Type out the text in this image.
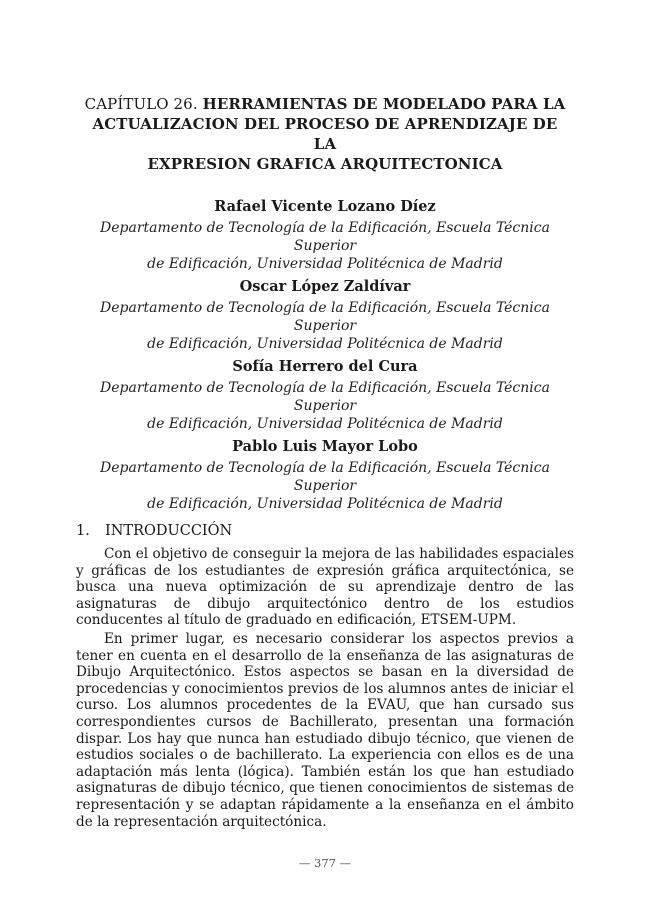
CAPÍTULO 26. HERRAMIENTAS DE MODELADO PARA LA
ACTUALIZACION DEL PROCESO DE APRENDIZAJE DE LA
EXPRESION GRAFICA ARQUITECTONICA

Rafael Vicente Lozano Díez

Departamento de Tecnología de la Edificación, Escuela Técnica Superior
de Edificación, Universidad Politécnica de Madrid

Oscar López Zaldívar

Departamento de Tecnología de la Edificación, Escuela Técnica Superior
de Edificación, Universidad Politécnica de Madrid

Sofía Herrero del Cura

Departamento de Tecnología de la Edificación, Escuela Técnica Superior
de Edificación, Universidad Politécnica de Madrid

Pablo Luis Mayor Lobo

Departamento de Tecnología de la Edificación, Escuela Técnica Superior
de Edificación, Universidad Politécnica de Madrid

1. INTRODUCCIÓN

Con el objetivo de conseguir la mejora de las habilidades espaciales y gráficas de los estudiantes de expresión gráfica arquitectónica, se busca una nueva optimización de su aprendizaje dentro de las asignaturas de dibujo arquitectónico dentro de los estudios conducentes al título de graduado en edificación, ETSEM-UPM.

En primer lugar, es necesario considerar los aspectos previos a tener en cuenta en el desarrollo de la enseñanza de las asignaturas de Dibujo Arquitectónico. Estos aspectos se basan en la diversidad de procedencias y conocimientos previos de los alumnos antes de iniciar el curso. Los alumnos procedentes de la EVAU, que han cursado sus correspondientes cursos de Bachillerato, presentan una formación dispar. Los hay que nunca han estudiado dibujo técnico, que vienen de estudios sociales o de bachillerato. La experiencia con ellos es de una adaptación más lenta (lógica). También están los que han estudiado asignaturas de dibujo técnico, que tienen conocimientos de sistemas de representación y se adaptan rápidamente a la enseñanza en el ámbito de la representación arquitectónica.

— 377 —
